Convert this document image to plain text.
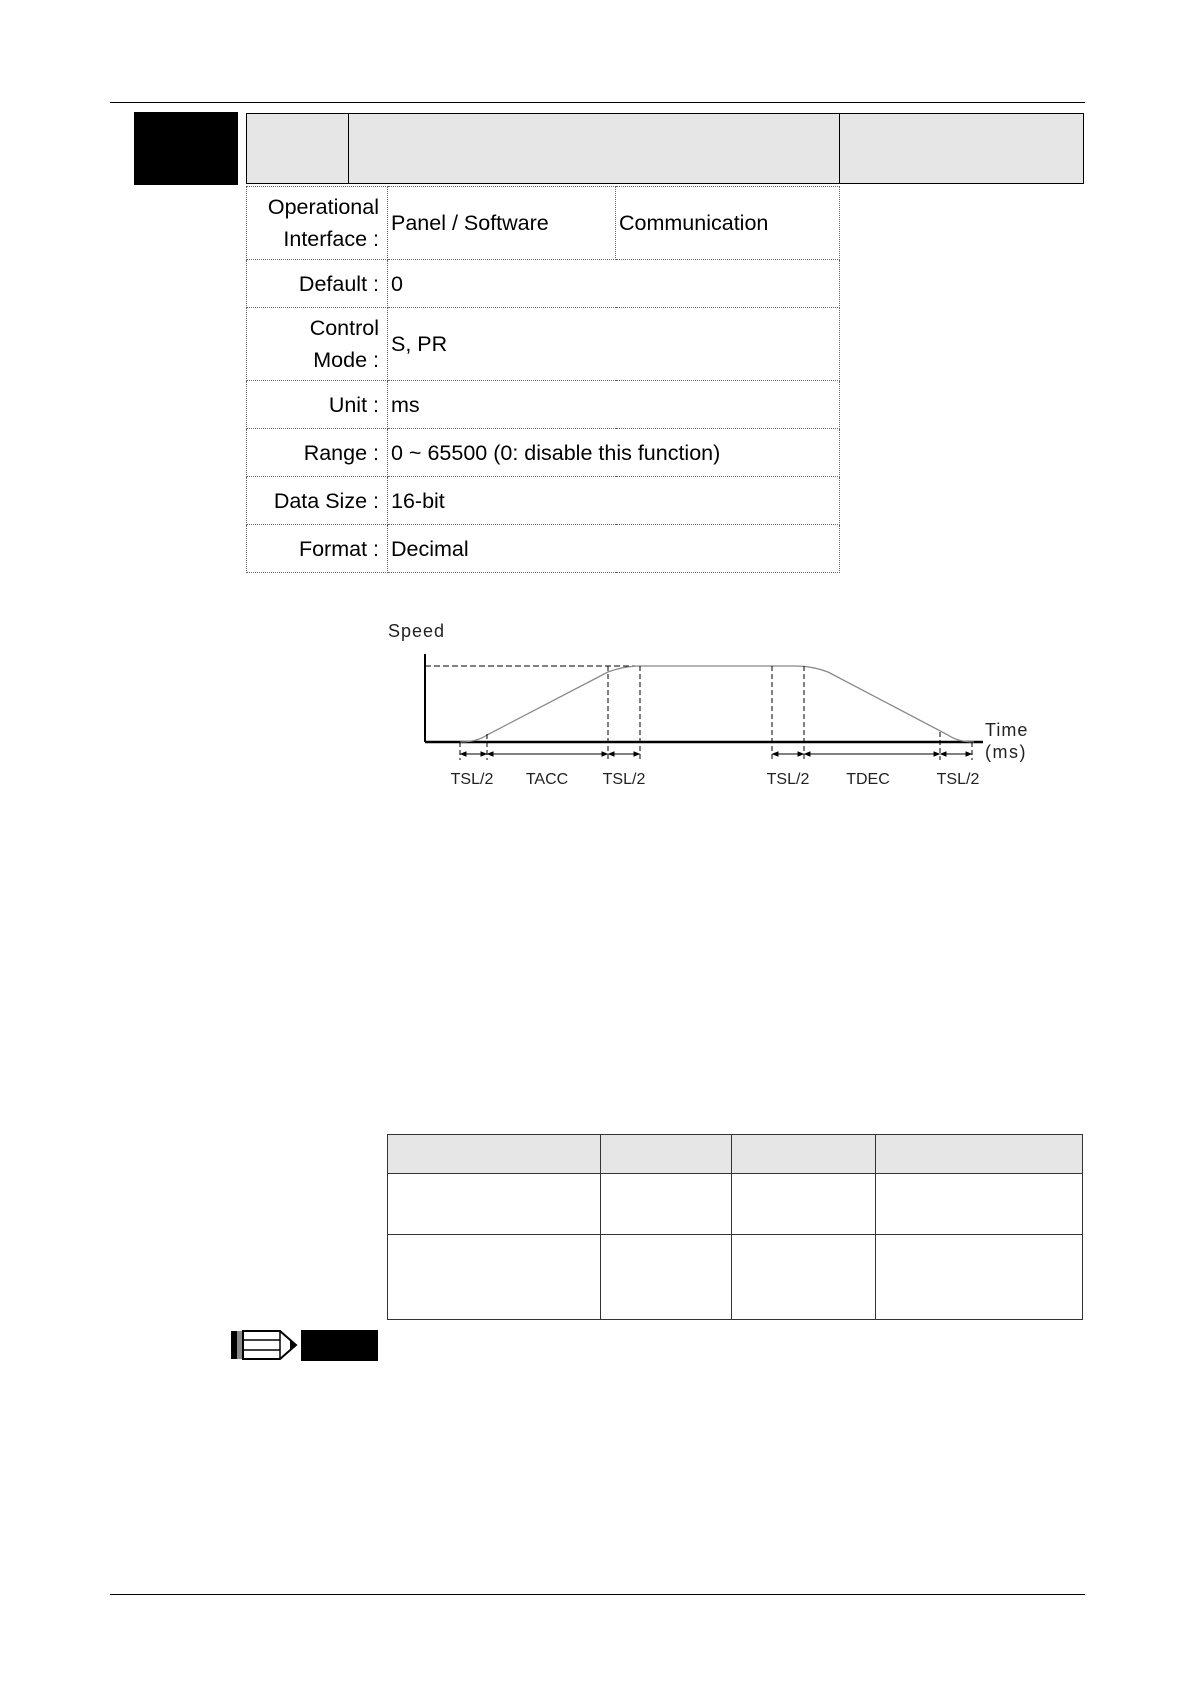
Operational
Interface :	Panel / Software	Communication
Default :	0	

Control
Mode :	S, PR	
Unit :	ms	
Range :	0 ~ 65500 (0: disable this function)	
Data Size :	16-bit	
Format :	Decimal	
Speed
Time
(ms)
TSL/2 TACC TSL/2	TSL/2 TDEC	TSL/2
